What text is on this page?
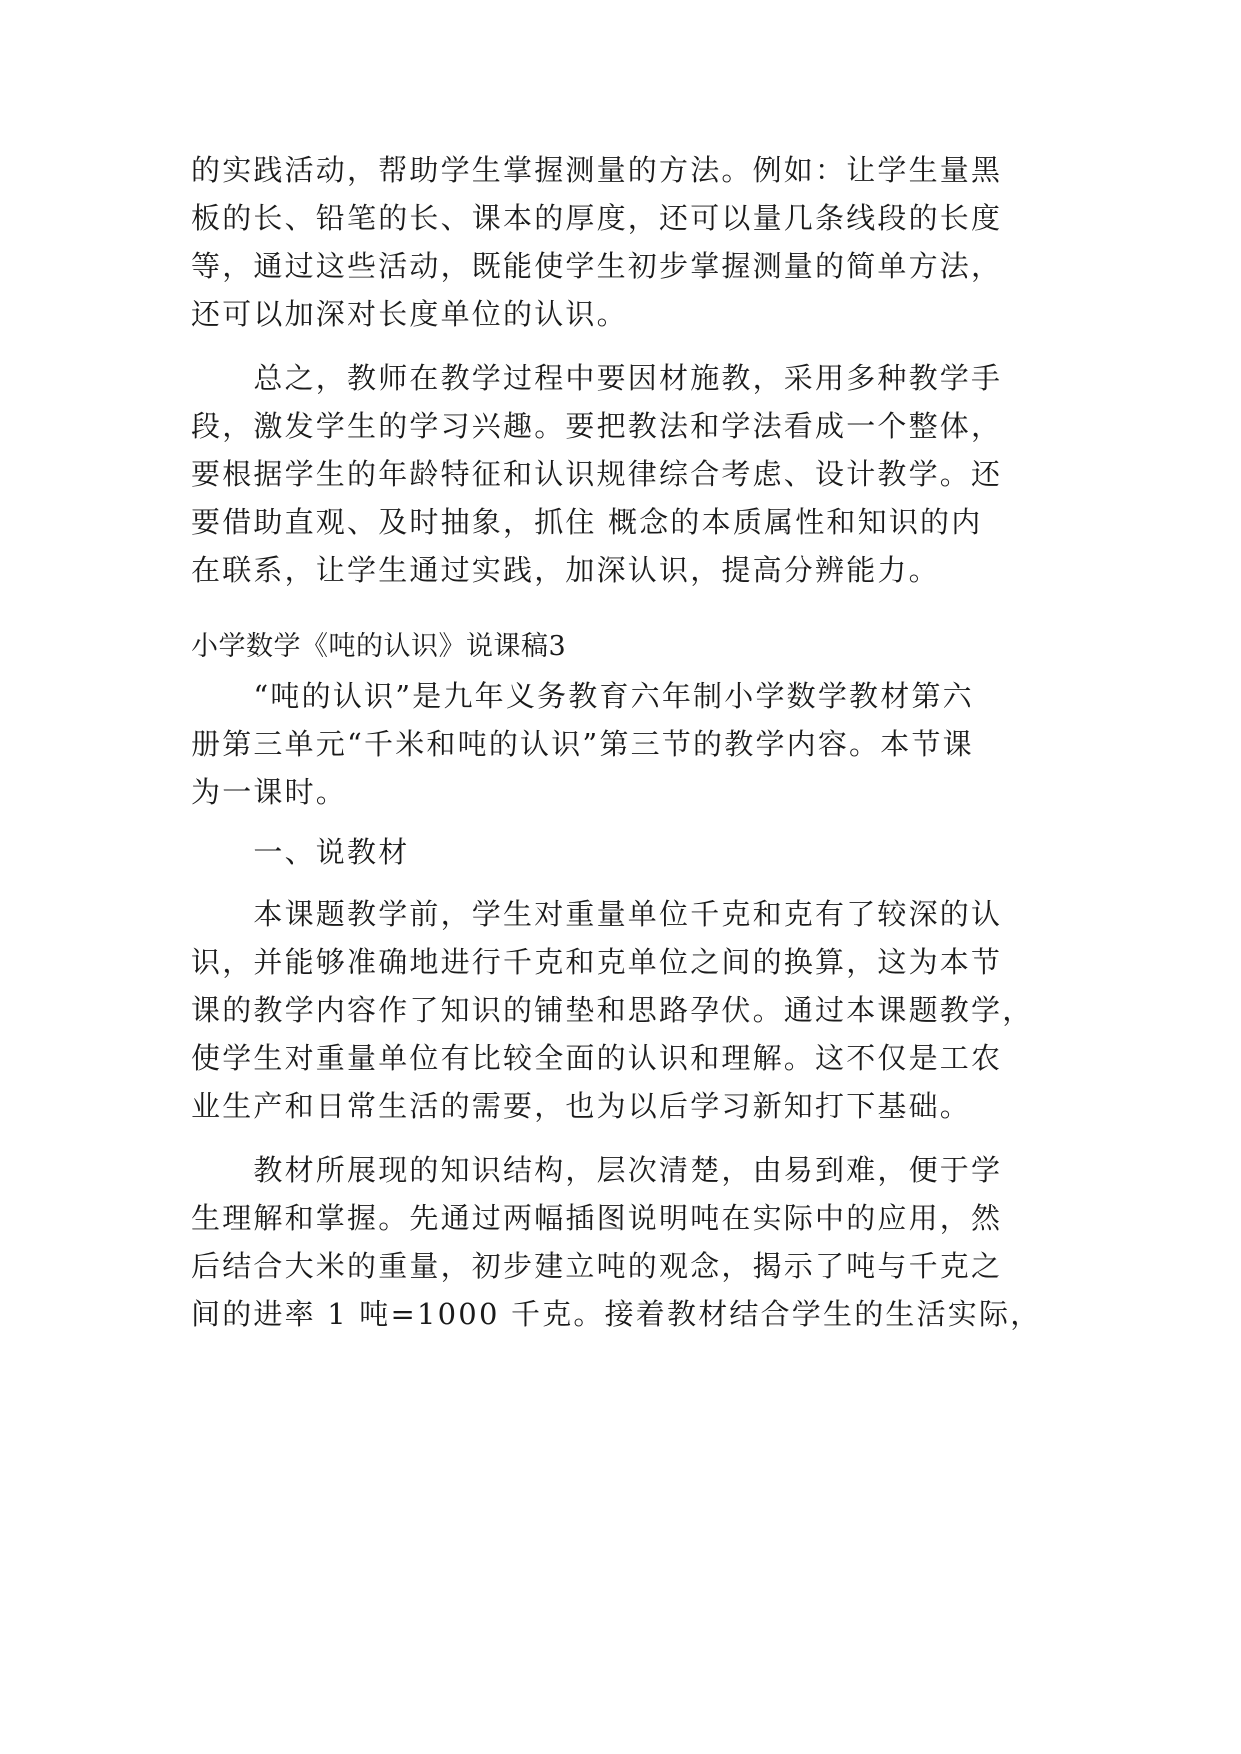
的实践活动，帮助学生掌握测量的方法。例如：让学生量黑
板的长、铅笔的长、课本的厚度，还可以量几条线段的长度
等，通过这些活动，既能使学生初步掌握测量的简单方法，
还可以加深对长度单位的认识。
　　总之，教师在教学过程中要因材施教，采用多种教学手
段，激发学生的学习兴趣。要把教法和学法看成一个整体，
要根据学生的年龄特征和认识规律综合考虑、设计教学。还
要借助直观、及时抽象，抓住 概念的本质属性和知识的内
在联系，让学生通过实践，加深认识，提高分辨能力。
小学数学《吨的认识》说课稿3
　　“吨的认识”是九年义务教育六年制小学数学教材第六
册第三单元“千米和吨的认识”第三节的教学内容。本节课
为一课时。
　　一、说教材
　　本课题教学前，学生对重量单位千克和克有了较深的认
识，并能够准确地进行千克和克单位之间的换算，这为本节
课的教学内容作了知识的铺垫和思路孕伏。通过本课题教学，
使学生对重量单位有比较全面的认识和理解。这不仅是工农
业生产和日常生活的需要，也为以后学习新知打下基础。
　　教材所展现的知识结构，层次清楚，由易到难，便于学
生理解和掌握。先通过两幅插图说明吨在实际中的应用，然
后结合大米的重量，初步建立吨的观念，揭示了吨与千克之
间的进率 1 吨=1000 千克。接着教材结合学生的生活实际，
